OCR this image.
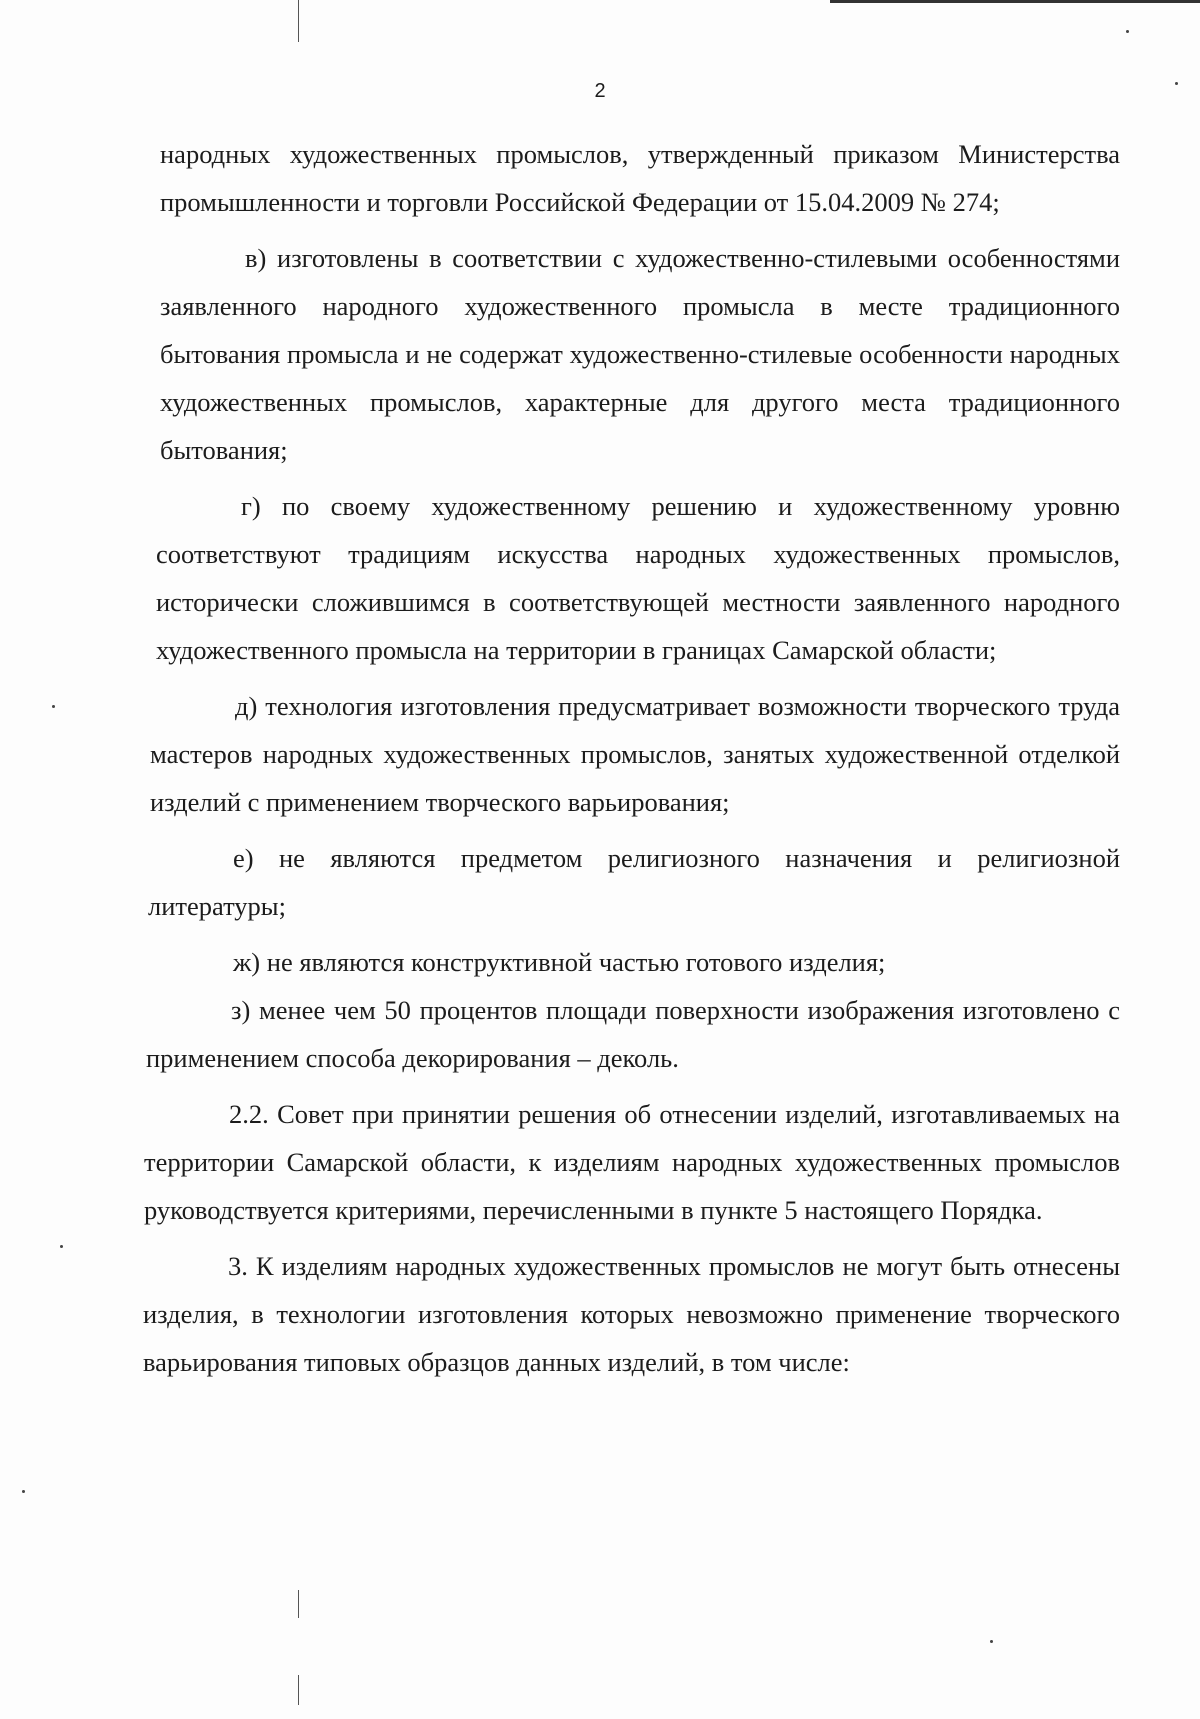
2

народных художественных промыслов, утвержденный приказом Министерства промышленности и торговли Российской Федерации от 15.04.2009 № 274;

в) изготовлены в соответствии с художественно-стилевыми особенностями заявленного народного художественного промысла в месте традиционного бытования промысла и не содержат художественно-стилевые особенности народных художественных промыслов, характерные для другого места традиционного бытования;

г) по своему художественному решению и художественному уровню соответствуют традициям искусства народных художественных промыслов, исторически сложившимся в соответствующей местности заявленного народного художественного промысла на территории в границах Самарской области;

д) технология изготовления предусматривает возможности творческого труда мастеров народных художественных промыслов, занятых художественной отделкой изделий с применением творческого варьирования;

е) не являются предметом религиозного назначения и религиозной литературы;

ж) не являются конструктивной частью готового изделия;

з) менее чем 50 процентов площади поверхности изображения изготовлено с применением способа декорирования – деколь.

2.2. Совет при принятии решения об отнесении изделий, изготавливаемых на территории Самарской области, к изделиям народных художественных промыслов руководствуется критериями, перечисленными в пункте 5 настоящего Порядка.

3. К изделиям народных художественных промыслов не могут быть отнесены изделия, в технологии изготовления которых невозможно применение творческого варьирования типовых образцов данных изделий, в том числе:
